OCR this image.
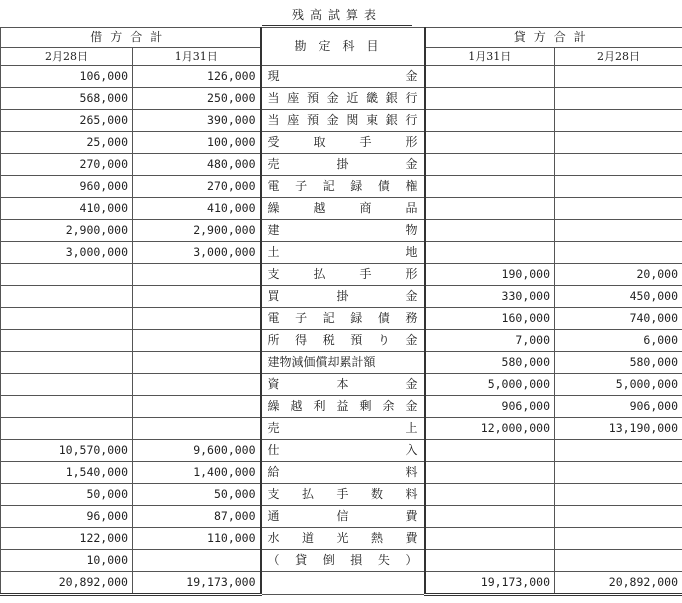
残高試算表
借方合計		勘定科目	貸方合計	
2月28日	1月31日		1月31日	2月28日
106,000	126,000	現金		

568,000	250,000	当座預金近畿銀行		

265,000	390,000	当座預金関東銀行		

25,000	100,000	受取手形		

270,000	480,000	売掛金		

960,000	270,000	電子記録債権		

410,000	410,000	繰越商品		

2,900,000	2,900,000	建物		

3,000,000	3,000,000	土地		

		支払手形	190,000	20,000

		買掛金	330,000	450,000

		電子記録債務	160,000	740,000

		所得税預り金	7,000	6,000

		建物減価償却累計額	580,000	580,000

		資本金	5,000,000	5,000,000

		繰越利益剰余金	906,000	906,000

		売上	12,000,000	13,190,000
10,570,000	9,600,000	仕入		

1,540,000	1,400,000	給料		

50,000	50,000	支払手数料		

96,000	87,000	通信費		

122,000	110,000	水道光熱費		

10,000		（貸倒損失）		

20,892,000	19,173,000		19,173,000	20,892,000
